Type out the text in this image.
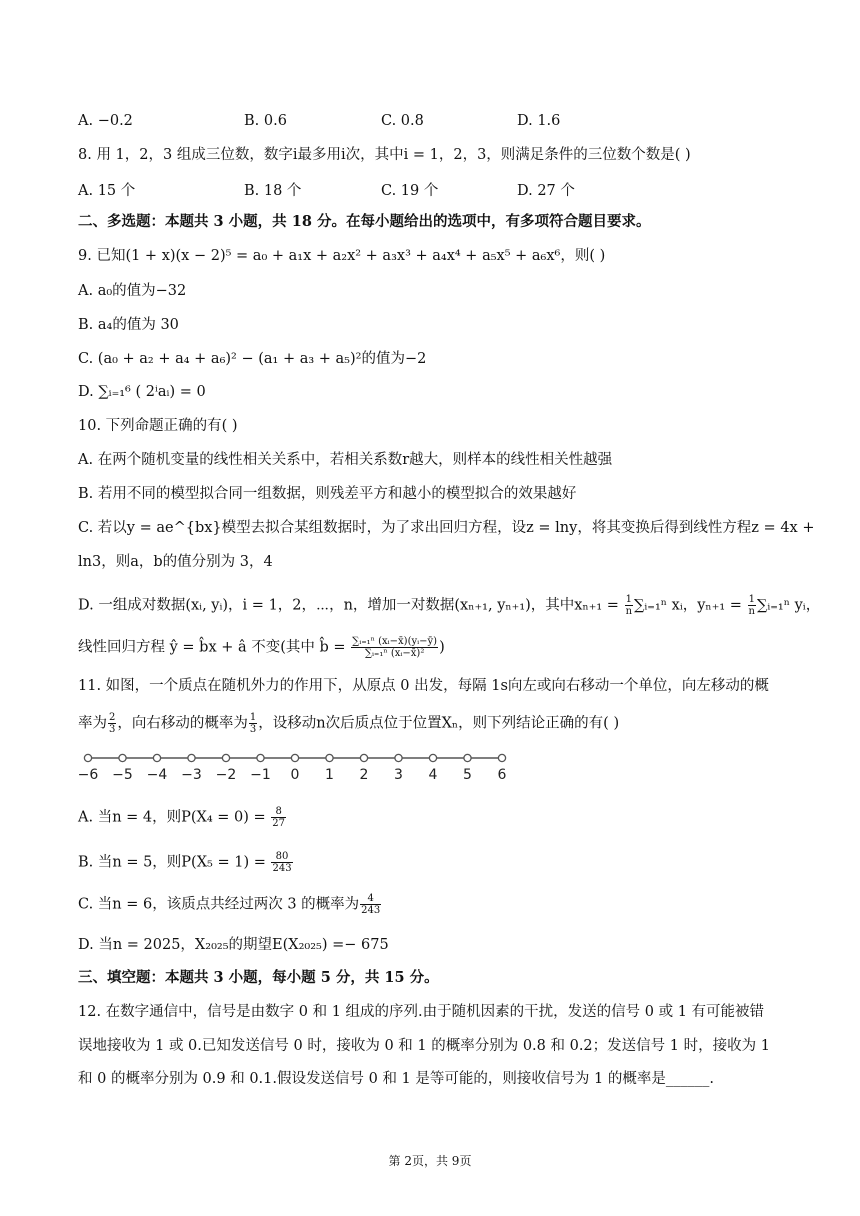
A. −0.2	B. 0.6	C. 0.8	D. 1.6
8. 用 1，2，3 组成三位数，数字i最多用i次，其中i = 1，2，3，则满足条件的三位数个数是( )
A. 15 个	B. 18 个	C. 19 个	D. 27 个
二、多选题：本题共 3 小题，共 18 分。在每小题给出的选项中，有多项符合题目要求。
9. 已知(1 + x)(x − 2)⁵ = a₀ + a₁x + a₂x² + a₃x³ + a₄x⁴ + a₅x⁵ + a₆x⁶，则( )
A. a₀的值为−32
B. a₄的值为 30
C. (a₀ + a₂ + a₄ + a₆)² − (a₁ + a₃ + a₅)²的值为−2
D. ∑ᵢ₌₁⁶ ( 2ⁱaᵢ) = 0
10. 下列命题正确的有( )
A. 在两个随机变量的线性相关关系中，若相关系数r越大，则样本的线性相关性越强
B. 若用不同的模型拟合同一组数据，则残差平方和越小的模型拟合的效果越好
C. 若以y = ae^{bx}模型去拟合某组数据时，为了求出回归方程，设z = lny，将其变换后得到线性方程z = 4x +
ln3，则a，b的值分别为 3，4
D. 一组成对数据(xᵢ, yᵢ)，i = 1，2，⋯，n，增加一对数据(xₙ₊₁, yₙ₊₁)，其中$x_{n+1} = \frac{1}{n}$ ∑ᵢ₌₁ⁿ xᵢ，$y_{n+1} = \frac{1}{n}$ ∑ᵢ₌₁ⁿ yᵢ，
线性回归方程 ŷ = b̂x + â 不变(其中 b̂ = $\frac{\text{∑ᵢ₌₁ⁿ (xᵢ−x̄)(yᵢ−ȳ)}}{\text{∑ᵢ₌₁ⁿ (xᵢ−x̄)²}}$ )
11. 如图，一个质点在随机外力的作用下，从原点 0 出发，每隔 1s向左或向右移动一个单位，向左移动的概
率为 $\frac{2}{3}$ ，向右移动的概率为 $\frac{1}{3}$ ，设移动n次后质点位于位置Xₙ，则下列结论正确的有( )
−6 −5 −4 −3 −2 −1 0 1 2 3 4 5 6
A. 当n = 4，则$P(X_4 = 0) = \frac{8}{27}$
B. 当n = 5，则$P(X_5 = 1) = \frac{80}{243}$
C. 当n = 6，该质点共经过两次 3 的概率为 $\frac{4}{243}$
D. 当n = 2025，X₂₀₂₅的期望E(X₂₀₂₅) =− 675
三、填空题：本题共 3 小题，每小题 5 分，共 15 分。
12. 在数字通信中，信号是由数字 0 和 1 组成的序列.由于随机因素的干扰，发送的信号 0 或 1 有可能被错
误地接收为 1 或 0.已知发送信号 0 时，接收为 0 和 1 的概率分别为 0.8 和 0.2；发送信号 1 时，接收为 1
和 0 的概率分别为 0.9 和 0.1.假设发送信号 0 和 1 是等可能的，则接收信号为 1 的概率是______.
第 2页，共 9页
